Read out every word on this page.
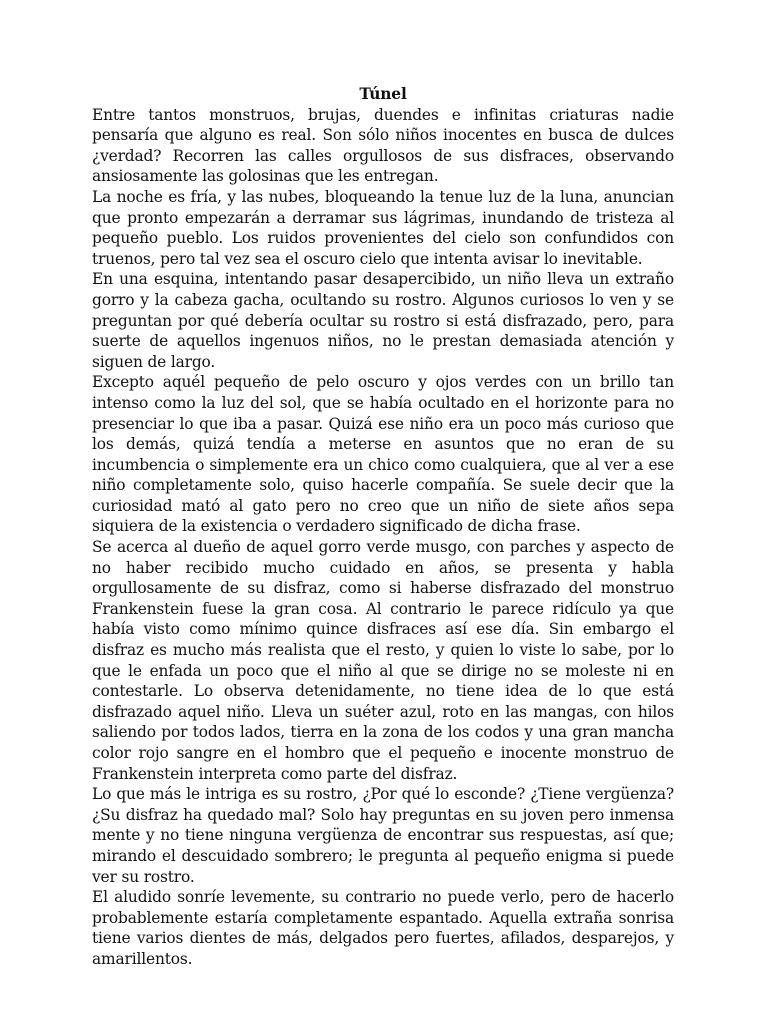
Túnel

Entre tantos monstruos, brujas, duendes e infinitas criaturas nadie pensaría que alguno es real. Son sólo niños inocentes en busca de dulces ¿verdad? Recorren las calles orgullosos de sus disfraces, observando ansiosamente las golosinas que les entregan.

La noche es fría, y las nubes, bloqueando la tenue luz de la luna, anuncian que pronto empezarán a derramar sus lágrimas, inundando de tristeza al pequeño pueblo. Los ruidos provenientes del cielo son confundidos con truenos, pero tal vez sea el oscuro cielo que intenta avisar lo inevitable.

En una esquina, intentando pasar desapercibido, un niño lleva un extraño gorro y la cabeza gacha, ocultando su rostro. Algunos curiosos lo ven y se preguntan por qué debería ocultar su rostro si está disfrazado, pero, para suerte de aquellos ingenuos niños, no le prestan demasiada atención y siguen de largo.

Excepto aquél pequeño de pelo oscuro y ojos verdes con un brillo tan intenso como la luz del sol, que se había ocultado en el horizonte para no presenciar lo que iba a pasar. Quizá ese niño era un poco más curioso que los demás, quizá tendía a meterse en asuntos que no eran de su incumbencia o simplemente era un chico como cualquiera, que al ver a ese niño completamente solo, quiso hacerle compañía. Se suele decir que la curiosidad mató al gato pero no creo que un niño de siete años sepa siquiera de la existencia o verdadero significado de dicha frase.

Se acerca al dueño de aquel gorro verde musgo, con parches y aspecto de no haber recibido mucho cuidado en años, se presenta y habla orgullosamente de su disfraz, como si haberse disfrazado del monstruo Frankenstein fuese la gran cosa. Al contrario le parece ridículo ya que había visto como mínimo quince disfraces así ese día. Sin embargo el disfraz es mucho más realista que el resto, y quien lo viste lo sabe, por lo que le enfada un poco que el niño al que se dirige no se moleste ni en contestarle. Lo observa detenidamente, no tiene idea de lo que está disfrazado aquel niño. Lleva un suéter azul, roto en las mangas, con hilos saliendo por todos lados, tierra en la zona de los codos y una gran mancha color rojo sangre en el hombro que el pequeño e inocente monstruo de Frankenstein interpreta como parte del disfraz.

Lo que más le intriga es su rostro, ¿Por qué lo esconde? ¿Tiene vergüenza? ¿Su disfraz ha quedado mal? Solo hay preguntas en su joven pero inmensa mente y no tiene ninguna vergüenza de encontrar sus respuestas, así que; mirando el descuidado sombrero; le pregunta al pequeño enigma si puede ver su rostro.

El aludido sonríe levemente, su contrario no puede verlo, pero de hacerlo probablemente estaría completamente espantado. Aquella extraña sonrisa tiene varios dientes de más, delgados pero fuertes, afilados, desparejos, y amarillentos.
